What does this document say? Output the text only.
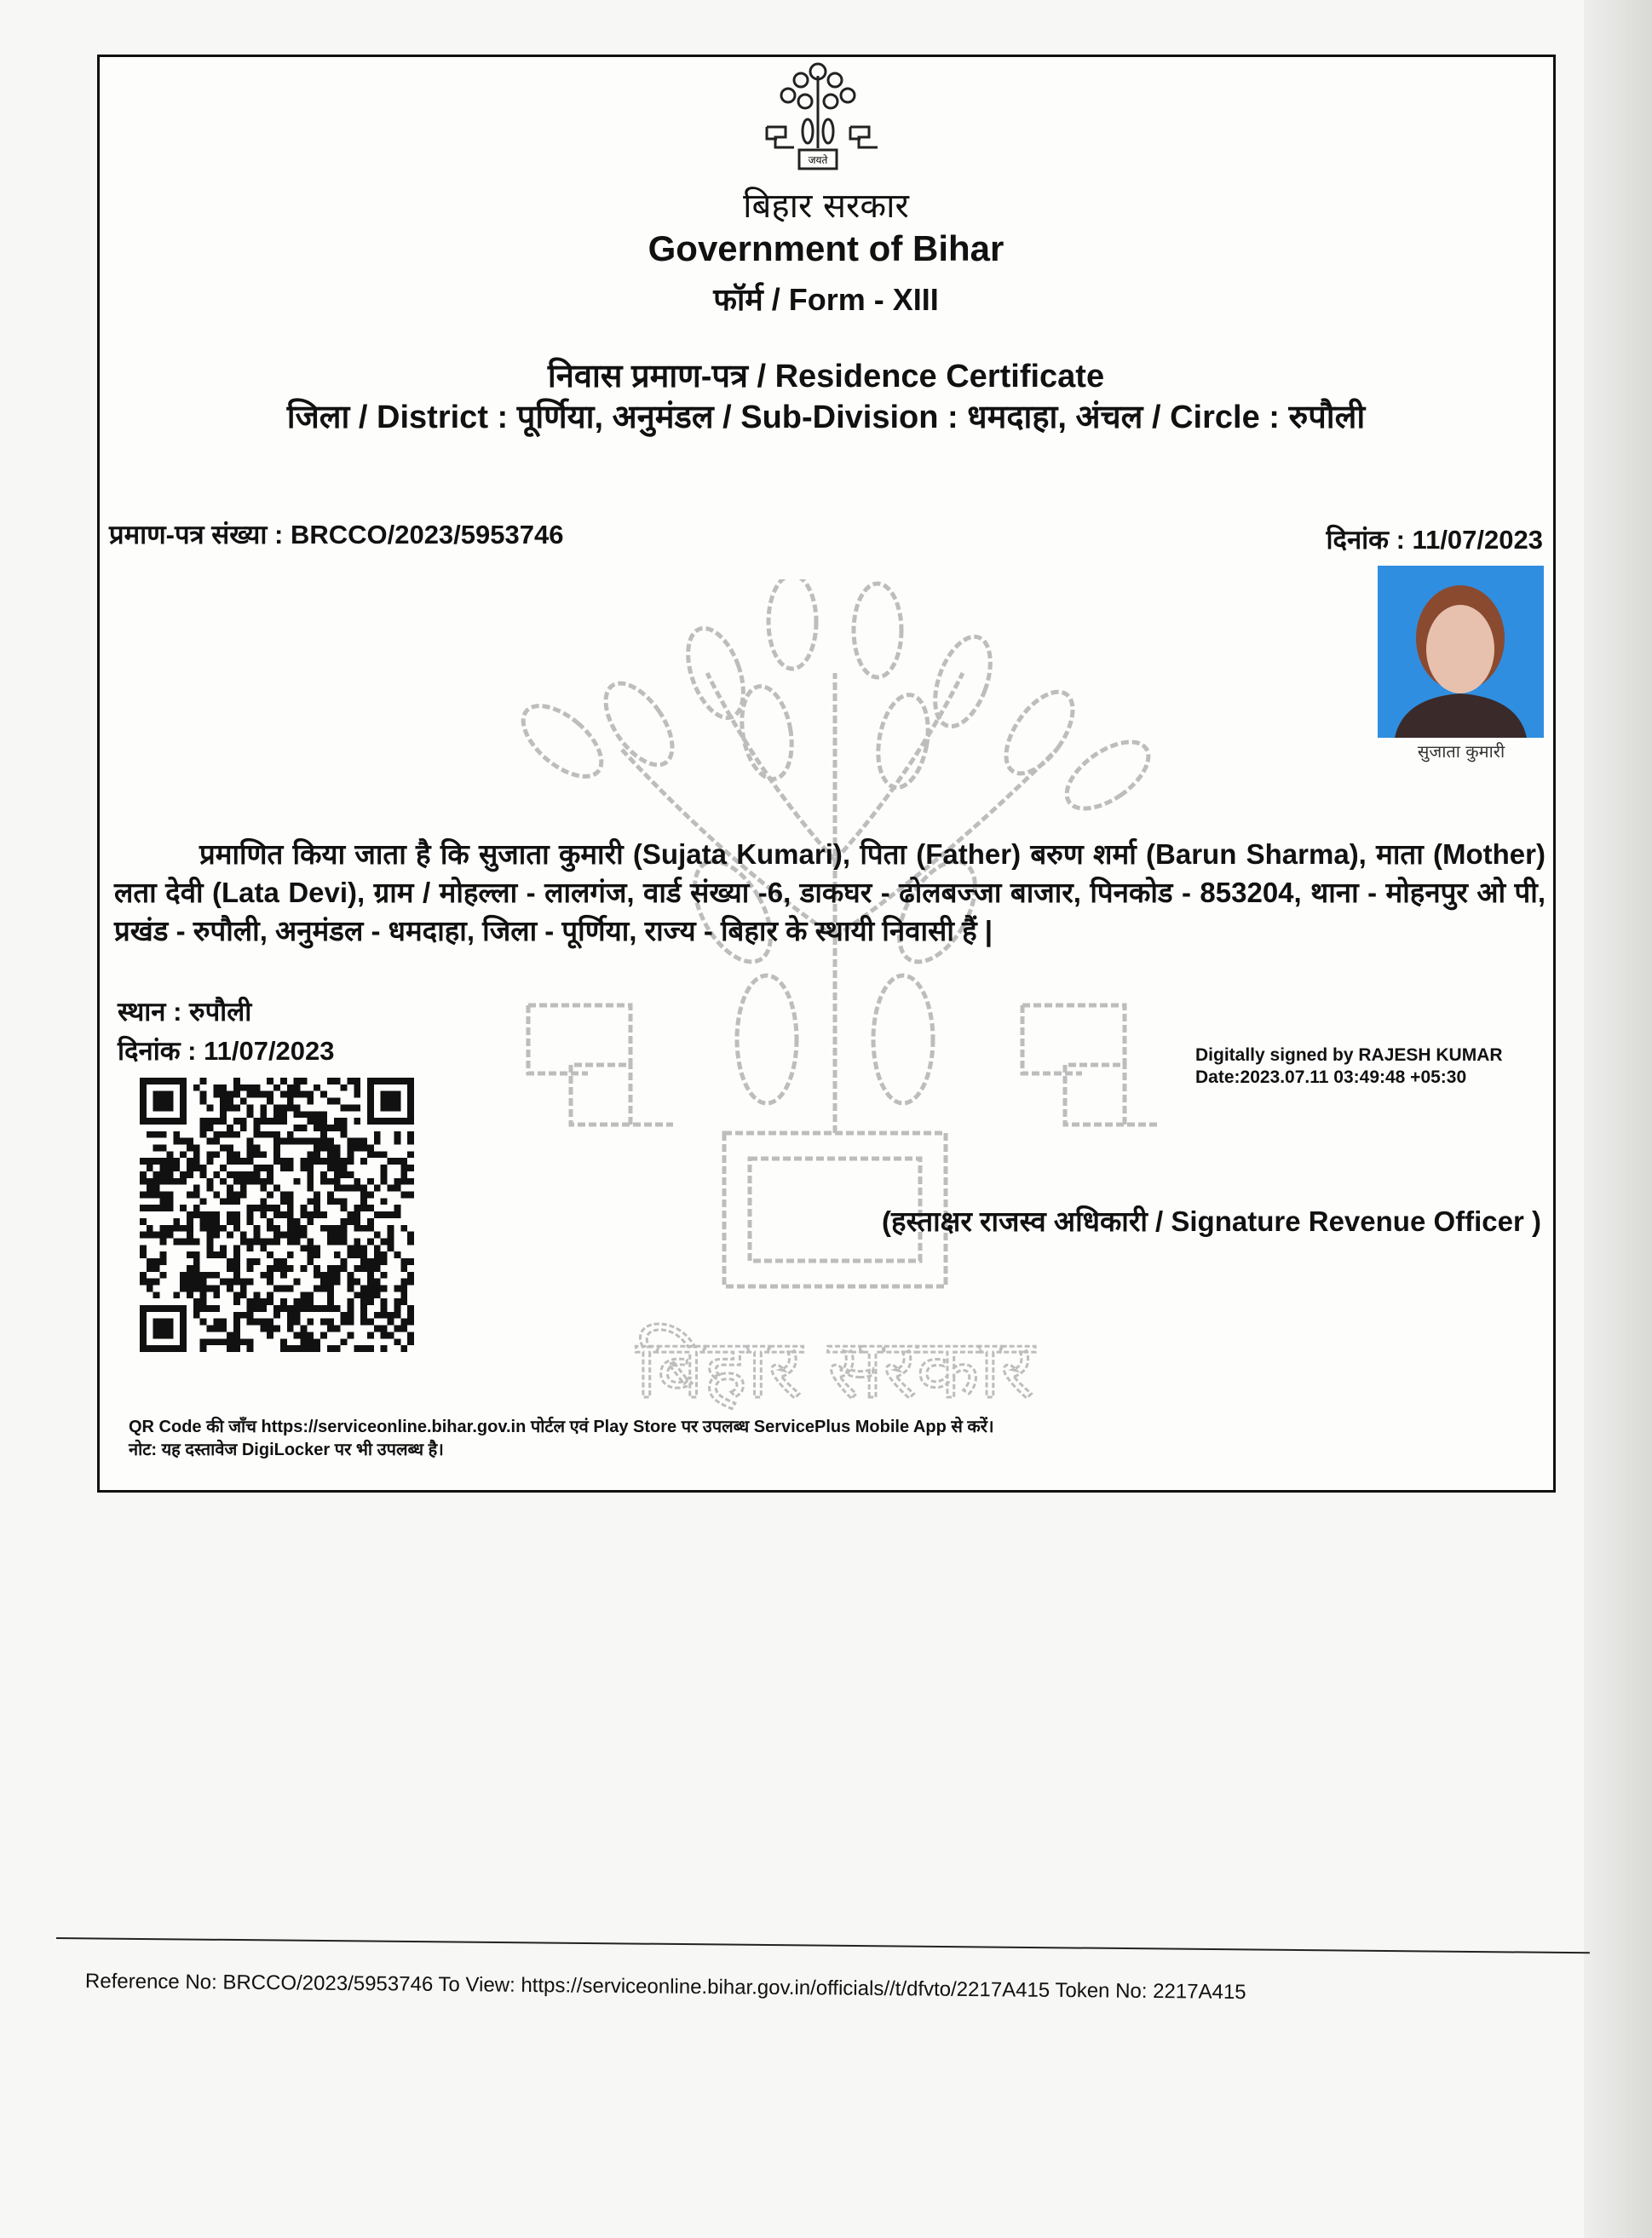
बिहार सरकार
जयते
बिहार सरकार
Government of Bihar
फॉर्म / Form - XIII
निवास प्रमाण-पत्र / Residence Certificate
जिला / District : पूर्णिया, अनुमंडल / Sub-Division : धमदाहा, अंचल / Circle : रुपौली
प्रमाण-पत्र संख्या : BRCCO/2023/5953746	दिनांक : 11/07/2023
सुजाता कुमारी
प्रमाणित किया जाता है कि सुजाता कुमारी (Sujata Kumari), पिता (Father) बरुण शर्मा (Barun Sharma), माता (Mother) लता देवी (Lata Devi), ग्राम / मोहल्ला - लालगंज, वार्ड संख्या -6, डाकघर - ढोलबज्जा बाजार, पिनकोड - 853204, थाना - मोहनपुर ओ पी, प्रखंड - रुपौली, अनुमंडल - धमदाहा, जिला - पूर्णिया, राज्य - बिहार के स्थायी निवासी हैं |
स्थान : रुपौली
दिनांक : 11/07/2023	Digitally signed by RAJESH KUMAR
Date:2023.07.11 03:49:48 +05:30
(हस्ताक्षर राजस्व अधिकारी / Signature Revenue Officer )
QR Code की जाँच https://serviceonline.bihar.gov.in पोर्टल एवं Play Store पर उपलब्ध ServicePlus Mobile App से करें।
नोट: यह दस्तावेज DigiLocker पर भी उपलब्ध है।
Reference No: BRCCO/2023/5953746 To View: https://serviceonline.bihar.gov.in/officials//t/dfvto/2217A415 Token No: 2217A415
